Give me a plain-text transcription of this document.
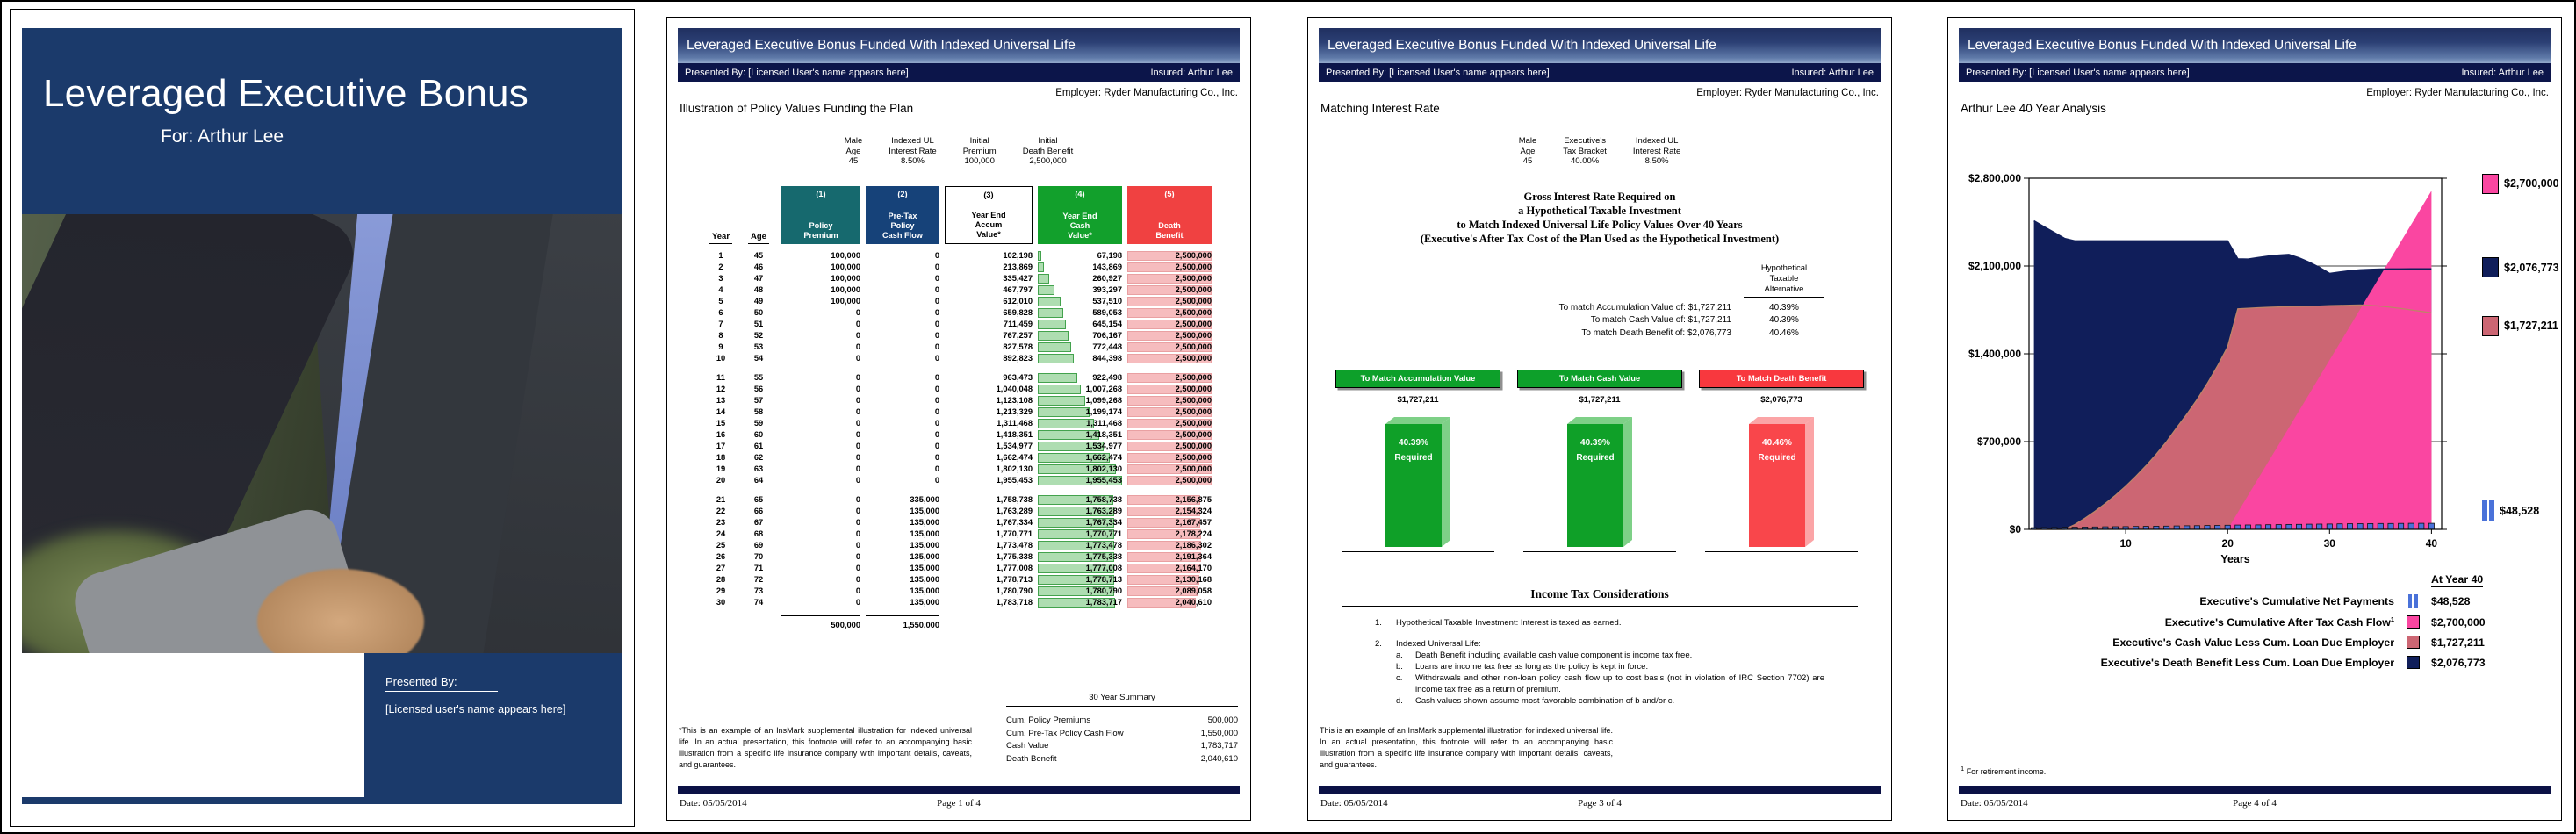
Leveraged Executive Bonus
For: Arthur Lee
Presented By:
[Licensed user's name appears here]
Leveraged Executive Bonus Funded With Indexed Universal Life
Presented By: [Licensed User's name appears here]	Insured: Arthur Lee
Employer: Ryder Manufacturing Co., Inc.
Illustration of Policy Values Funding the Plan
Male
Age
45
Indexed UL
Interest Rate
8.50%
Initial
Premium
100,000
Initial
Death Benefit
2,500,000
Year	Age
(1)
Policy
Premium
(2)
Pre-Tax
Policy
Cash Flow
(3)
Year End
Accum
Value*
(4)
Year End
Cash
Value*
(5)
Death
Benefit
1	45	100,000	0	102,198	67,198	2,500,000
2	46	100,000	0	213,869	143,869	2,500,000
3	47	100,000	0	335,427	260,927	2,500,000
4	48	100,000	0	467,797	393,297	2,500,000
5	49	100,000	0	612,010	537,510	2,500,000
6	50	0	0	659,828	589,053	2,500,000
7	51	0	0	711,459	645,154	2,500,000
8	52	0	0	767,257	706,167	2,500,000
9	53	0	0	827,578	772,448	2,500,000
10	54	0	0	892,823	844,398	2,500,000
11	55	0	0	963,473	922,498	2,500,000
12	56	0	0	1,040,048	1,007,268	2,500,000
13	57	0	0	1,123,108	1,099,268	2,500,000
14	58	0	0	1,213,329	1,199,174	2,500,000
15	59	0	0	1,311,468	1,311,468	2,500,000
16	60	0	0	1,418,351	1,418,351	2,500,000
17	61	0	0	1,534,977	1,534,977	2,500,000
18	62	0	0	1,662,474	1,662,474	2,500,000
19	63	0	0	1,802,130	1,802,130	2,500,000
20	64	0	0	1,955,453	1,955,453	2,500,000
21	65	0	335,000	1,758,738	1,758,738	2,156,875
22	66	0	135,000	1,763,289	1,763,289	2,154,324
23	67	0	135,000	1,767,334	1,767,334	2,167,457
24	68	0	135,000	1,770,771	1,770,771	2,178,224
25	69	0	135,000	1,773,478	1,773,478	2,186,302
26	70	0	135,000	1,775,338	1,775,338	2,191,364
27	71	0	135,000	1,777,008	1,777,008	2,164,170
28	72	0	135,000	1,778,713	1,778,713	2,130,168
29	73	0	135,000	1,780,790	1,780,790	2,089,058
30	74	0	135,000	1,783,718	1,783,717	2,040,610
500,000	1,550,000
*This is an example of an InsMark supplemental illustration for indexed universal life. In an actual presentation, this footnote will refer to an accompanying basic illustration from a specific life insurance company with important details, caveats, and guarantees.
30 Year Summary
Cum. Policy Premiums	500,000
Cum. Pre-Tax Policy Cash Flow	1,550,000
Cash Value	1,783,717
Death Benefit	2,040,610
Date: 05/05/2014	Page 1 of 4
Leveraged Executive Bonus Funded With Indexed Universal Life
Presented By: [Licensed User's name appears here]	Insured: Arthur Lee
Employer: Ryder Manufacturing Co., Inc.
Matching Interest Rate
Male
Age
45
Executive's
Tax Bracket
40.00%
Indexed UL
Interest Rate
8.50%
Gross Interest Rate Required on
a Hypothetical Taxable Investment
to Match Indexed Universal Life Policy Values Over 40 Years
(Executive's After Tax Cost of the Plan Used as the Hypothetical Investment)
Hypothetical
Taxable
Alternative
To match Accumulation Value of: $1,727,211	40.39%
To match Cash Value of: $1,727,211	40.39%
To match Death Benefit of: $2,076,773	40.46%
To Match Accumulation Value
$1,727,211
40.39%
Required
To Match Cash Value
$1,727,211
40.39%
Required
To Match Death Benefit
$2,076,773
40.46%
Required
Income Tax Considerations
1.	Hypothetical Taxable Investment: Interest is taxed as earned.
2.	Indexed Universal Life:
a.	Death Benefit including available cash value component is income tax free.
b.	Loans are income tax free as long as the policy is kept in force.
c.	Withdrawals and other non-loan policy cash flow up to cost basis (not in violation of IRC Section 7702) are income tax free as a return of premium.
d.	Cash values shown assume most favorable combination of b and/or c.
This is an example of an InsMark supplemental illustration for indexed universal life. In an actual presentation, this footnote will refer to an accompanying basic illustration from a specific life insurance company with important details, caveats, and guarantees.
Date: 05/05/2014	Page 3 of 4
Leveraged Executive Bonus Funded With Indexed Universal Life
Presented By: [Licensed User's name appears here]	Insured: Arthur Lee
Employer: Ryder Manufacturing Co., Inc.
Arthur Lee 40 Year Analysis
$0
$700,000
$1,400,000
$2,100,000
$2,800,000
10	20	30	40
Years
$2,700,000
$2,076,773
$1,727,211
$48,528
At Year 40
Executive's Cumulative Net Payments	$48,528
Executive's Cumulative After Tax Cash Flow$^1$	$2,700,000
Executive's Cash Value Less Cum. Loan Due Employer	$1,727,211
Executive's Death Benefit Less Cum. Loan Due Employer	$2,076,773
$^1$ For retirement income.
Date: 05/05/2014	Page 4 of 4
